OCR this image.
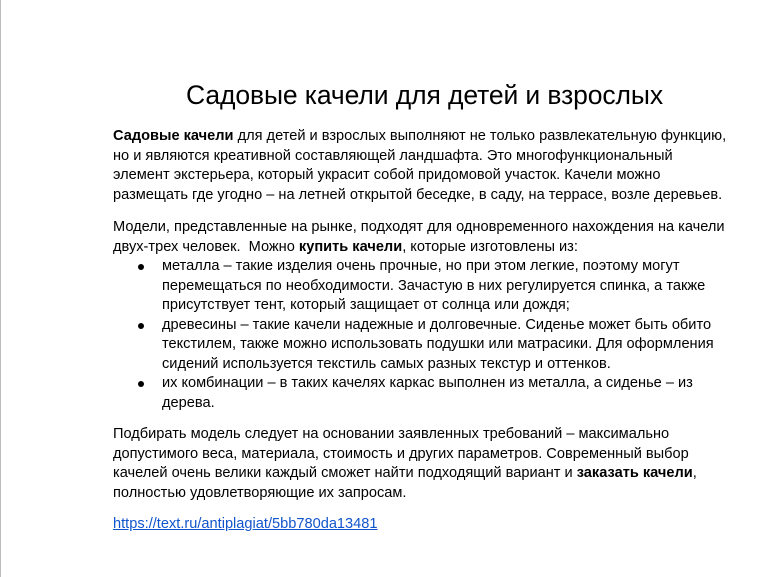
Садовые качели для детей и взрослых

Садовые качели для детей и взрослых выполняют не только развлекательную функцию,
но и являются креативной составляющей ландшафта. Это многофункциональный
элемент экстерьера, который украсит собой придомовой участок. Качели можно
размещать где угодно – на летней открытой беседке, в саду, на террасе, возле деревьев.

Модели, представленные на рынке, подходят для одновременного нахождения на качели
двух-трех человек.  Можно купить качели, которые изготовлены из:

металла – такие изделия очень прочные, но при этом легкие, поэтому могут
перемещаться по необходимости. Зачастую в них регулируется спинка, а также
присутствует тент, который защищает от солнца или дождя;
древесины – такие качели надежные и долговечные. Сиденье может быть обито
текстилем, также можно использовать подушки или матрасики. Для оформления
сидений используется текстиль самых разных текстур и оттенков.
их комбинации – в таких качелях каркас выполнен из металла, а сиденье – из
дерева.

Подбирать модель следует на основании заявленных требований – максимально
допустимого веса, материала, стоимость и других параметров. Современный выбор
качелей очень велики каждый сможет найти подходящий вариант и заказать качели,
полностью удовлетворяющие их запросам.

https://text.ru/antiplagiat/5bb780da13481
